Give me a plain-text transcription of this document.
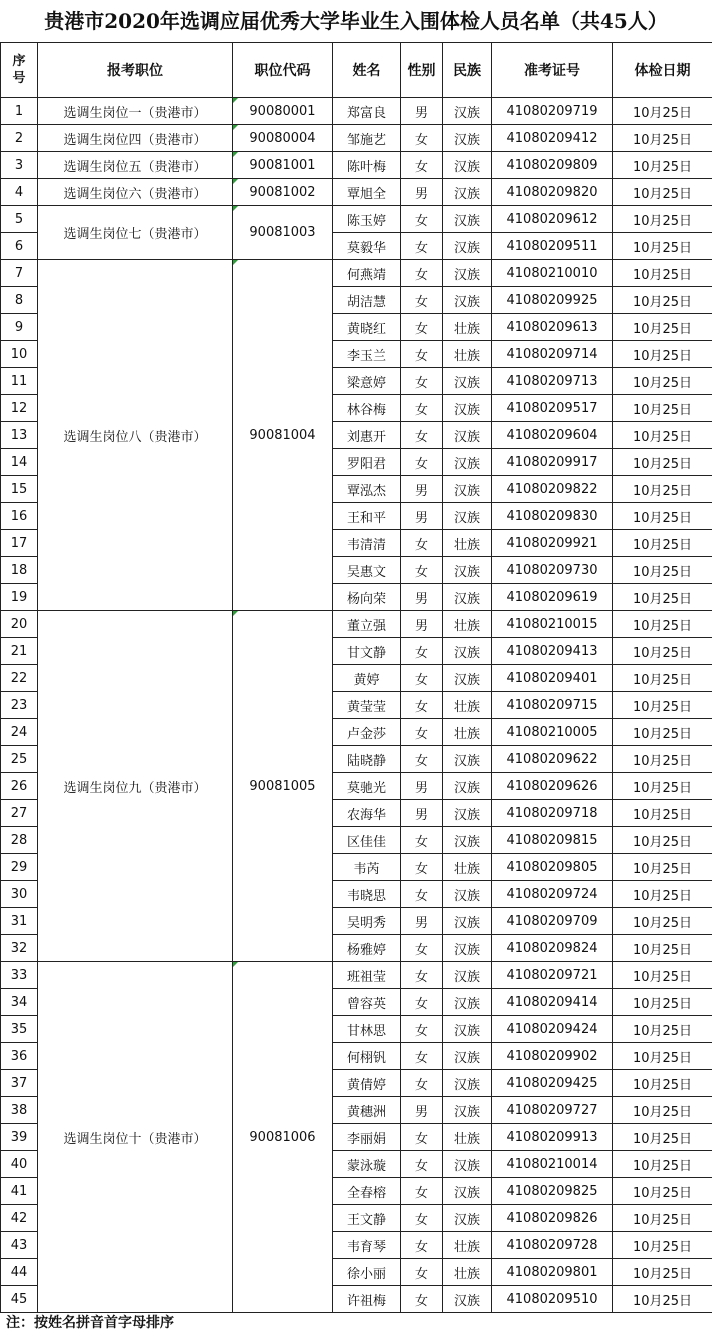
贵港市2020年选调应届优秀大学毕业生入围体检人员名单（共45人）
序
号	报考职位	职位代码	姓名	性别	民族	准考证号	体检日期
1	选调生岗位一（贵港市）	90080001	郑富良	男	汉族	41080209719	10月25日
2	选调生岗位四（贵港市）	90080004	邹施艺	女	汉族	41080209412	10月25日
3	选调生岗位五（贵港市）	90081001	陈叶梅	女	汉族	41080209809	10月25日
4	选调生岗位六（贵港市）	90081002	覃旭全	男	汉族	41080209820	10月25日
5	选调生岗位七（贵港市）	90081003	陈玉婷	女	汉族	41080209612	10月25日
6			莫毅华	女	汉族	41080209511	10月25日
7	选调生岗位八（贵港市）	90081004	何燕靖	女	汉族	41080210010	10月25日
8			胡洁慧	女	汉族	41080209925	10月25日
9			黄晓红	女	壮族	41080209613	10月25日
10			李玉兰	女	壮族	41080209714	10月25日
11			梁意婷	女	汉族	41080209713	10月25日
12			林谷梅	女	汉族	41080209517	10月25日
13			刘惠开	女	汉族	41080209604	10月25日
14			罗阳君	女	汉族	41080209917	10月25日
15			覃泓杰	男	汉族	41080209822	10月25日
16			王和平	男	汉族	41080209830	10月25日
17			韦清清	女	壮族	41080209921	10月25日
18			吴惠文	女	汉族	41080209730	10月25日
19			杨向荣	男	汉族	41080209619	10月25日
20	选调生岗位九（贵港市）	90081005	董立强	男	壮族	41080210015	10月25日
21			甘文静	女	汉族	41080209413	10月25日
22			黄婷	女	汉族	41080209401	10月25日
23			黄莹莹	女	壮族	41080209715	10月25日
24			卢金莎	女	壮族	41080210005	10月25日
25			陆晓静	女	汉族	41080209622	10月25日
26			莫驰光	男	汉族	41080209626	10月25日
27			农海华	男	汉族	41080209718	10月25日
28			区佳佳	女	汉族	41080209815	10月25日
29			韦芮	女	壮族	41080209805	10月25日
30			韦晓思	女	汉族	41080209724	10月25日
31			吴明秀	男	汉族	41080209709	10月25日
32			杨雅婷	女	汉族	41080209824	10月25日
33	选调生岗位十（贵港市）	90081006	班祖莹	女	汉族	41080209721	10月25日
34			曾容英	女	汉族	41080209414	10月25日
35			甘林思	女	汉族	41080209424	10月25日
36			何栩钒	女	汉族	41080209902	10月25日
37			黄倩婷	女	汉族	41080209425	10月25日
38			黄穗洲	男	汉族	41080209727	10月25日
39			李丽娟	女	壮族	41080209913	10月25日
40			蒙泳璇	女	汉族	41080210014	10月25日
41			全春榕	女	汉族	41080209825	10月25日
42			王文静	女	汉族	41080209826	10月25日
43			韦育琴	女	壮族	41080209728	10月25日
44			徐小丽	女	壮族	41080209801	10月25日
45			许祖梅	女	汉族	41080209510	10月25日
注：按姓名拼音首字母排序
